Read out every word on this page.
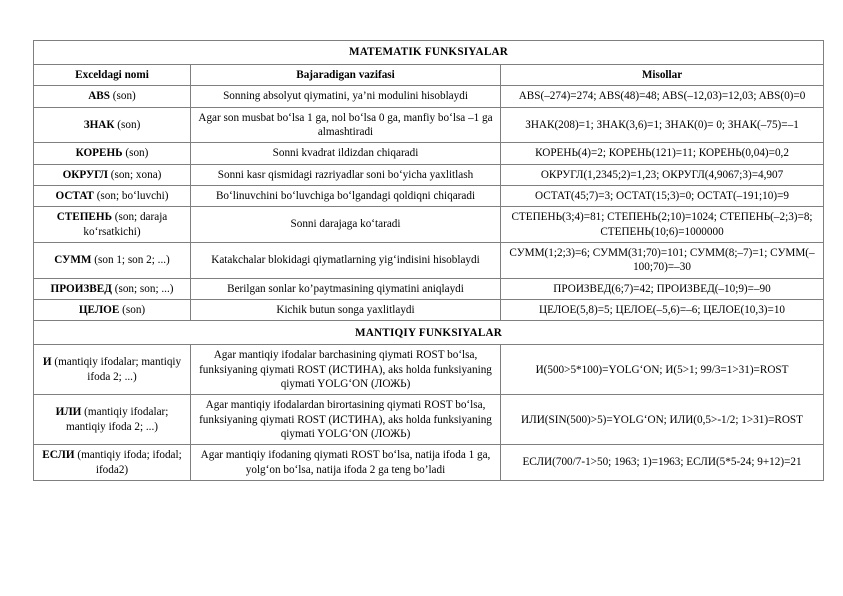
MATEMATIK FUNKSIYALAR		
Exceldagi nomi	Bajaradigan vazifasi	Misollar
ABS (son)	Sonning absolyut qiymatini, ya’ni modulini hisoblaydi	ABS(–274)=274; ABS(48)=48; ABS(–12,03)=12,03; ABS(0)=0
ЗНАК (son)	Agar son musbat bo‘lsa 1 ga, nol bo‘lsa 0 ga, manfiy bo‘lsa –1 ga almashtiradi	ЗНАК(208)=1; ЗНАК(3,6)=1; ЗНАК(0)= 0; ЗНАК(–75)=–1
КОРЕНЬ (son)	Sonni kvadrat ildizdan chiqaradi	КОРЕНЬ(4)=2; КОРЕНЬ(121)=11; КОРЕНЬ(0,04)=0,2
ОКРУГЛ (son; xona)	Sonni kasr qismidagi razriyadlar soni bo‘yicha yaxlitlash	ОКРУГЛ(1,2345;2)=1,23; ОКРУГЛ(4,9067;3)=4,907
ОСТАТ (son; bo‘luvchi)	Bo‘linuvchini bo‘luvchiga bo‘lgandagi qoldiqni chiqaradi	ОСТАТ(45;7)=3; ОСТАТ(15;3)=0; ОСТАТ(–191;10)=9
СТЕПЕНЬ (son; daraja ko‘rsatkichi)	Sonni darajaga ko‘taradi	СТЕПЕНЬ(3;4)=81; СТЕПЕНЬ(2;10)=1024; СТЕПЕНЬ(–2;3)=8; СТЕПЕНЬ(10;6)=1000000
СУММ (son 1; son 2; ...)	Katakchalar blokidagi qiymatlarning yig‘indisini hisoblaydi	СУММ(1;2;3)=6; СУММ(31;70)=101; СУММ(8;–7)=1; СУММ(–100;70)=–30
ПРОИЗВЕД (son; son; ...)	Berilgan sonlar ko’paytmasining qiymatini aniqlaydi	ПРОИЗВЕД(6;7)=42; ПРОИЗВЕД(–10;9)=–90
ЦЕЛОЕ (son)	Kichik butun songa yaxlitlaydi	ЦЕЛОЕ(5,8)=5; ЦЕЛОЕ(–5,6)=–6; ЦЕЛОЕ(10,3)=10
MANTIQIY FUNKSIYALAR		
И (mantiqiy ifodalar; mantiqiy ifoda 2; ...)	Agar mantiqiy ifodalar barchasining qiymati ROST bo‘lsa, funksiyaning qiymati ROST (ИСТИНА), aks holda funksiyaning qiymati YOLG‘ON (ЛОЖЬ)	И(500>5*100)=YOLG‘ON; И(5>1; 99/3=1>31)=ROST
ИЛИ (mantiqiy ifodalar; mantiqiy ifoda 2; ...)	Agar mantiqiy ifodalardan birortasining qiymati ROST bo‘lsa, funksiyaning qiymati ROST (ИСТИНА), aks holda funksiyaning qiymati YOLG‘ON (ЛОЖЬ)	ИЛИ(SIN(500)>5)=YOLG‘ON; ИЛИ(0,5>-1/2; 1>31)=ROST
ЕСЛИ (mantiqiy ifoda; ifodal; ifoda2)	Agar mantiqiy ifodaning qiymati ROST bo‘lsa, natija ifoda 1 ga, yolg‘on bo‘lsa, natija ifoda 2 ga teng bo’ladi	ЕСЛИ(700/7-1>50; 1963; 1)=1963; ЕСЛИ(5*5-24; 9+12)=21
